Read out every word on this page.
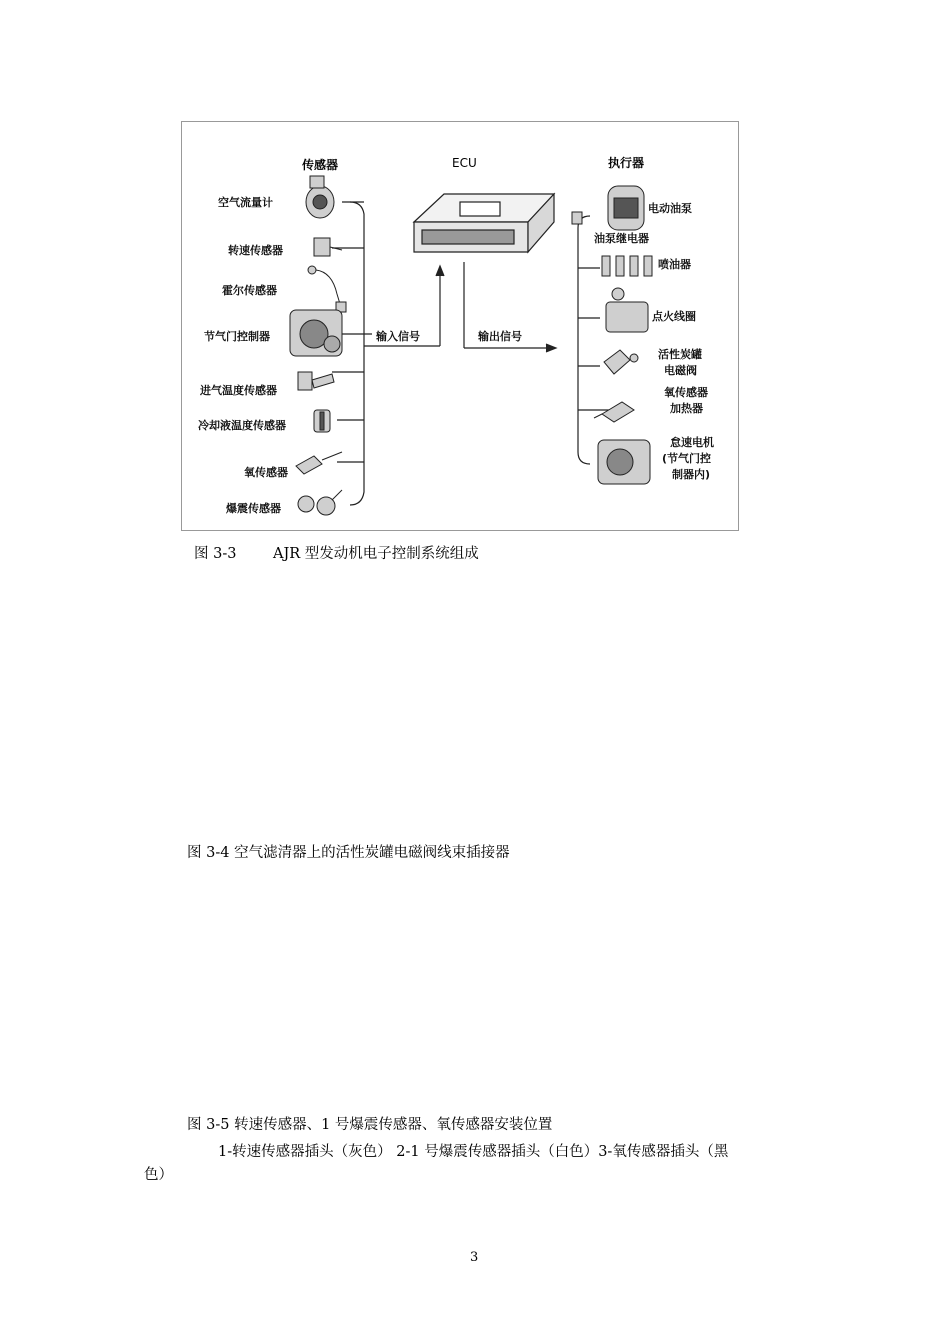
传感器	ECU	执行器
空气流量计
转速传感器
霍尔传感器
节气门控制器
进气温度传感器
冷却液温度传感器
氧传感器
爆震传感器
输入信号	输出信号
电动油泵
油泵继电器
喷油器
点火线圈
活性炭罐
电磁阀
氧传感器
加热器
怠速电机
(节气门控
制器内)
图 3-3	AJR 型发动机电子控制系统组成
图 3-4 空气滤清器上的活性炭罐电磁阀线束插接器
图 3-5 转速传感器、1 号爆震传感器、氧传感器安装位置
1-转速传感器插头（灰色） 2-1 号爆震传感器插头（白色）3-氧传感器插头（黑
色）
3
